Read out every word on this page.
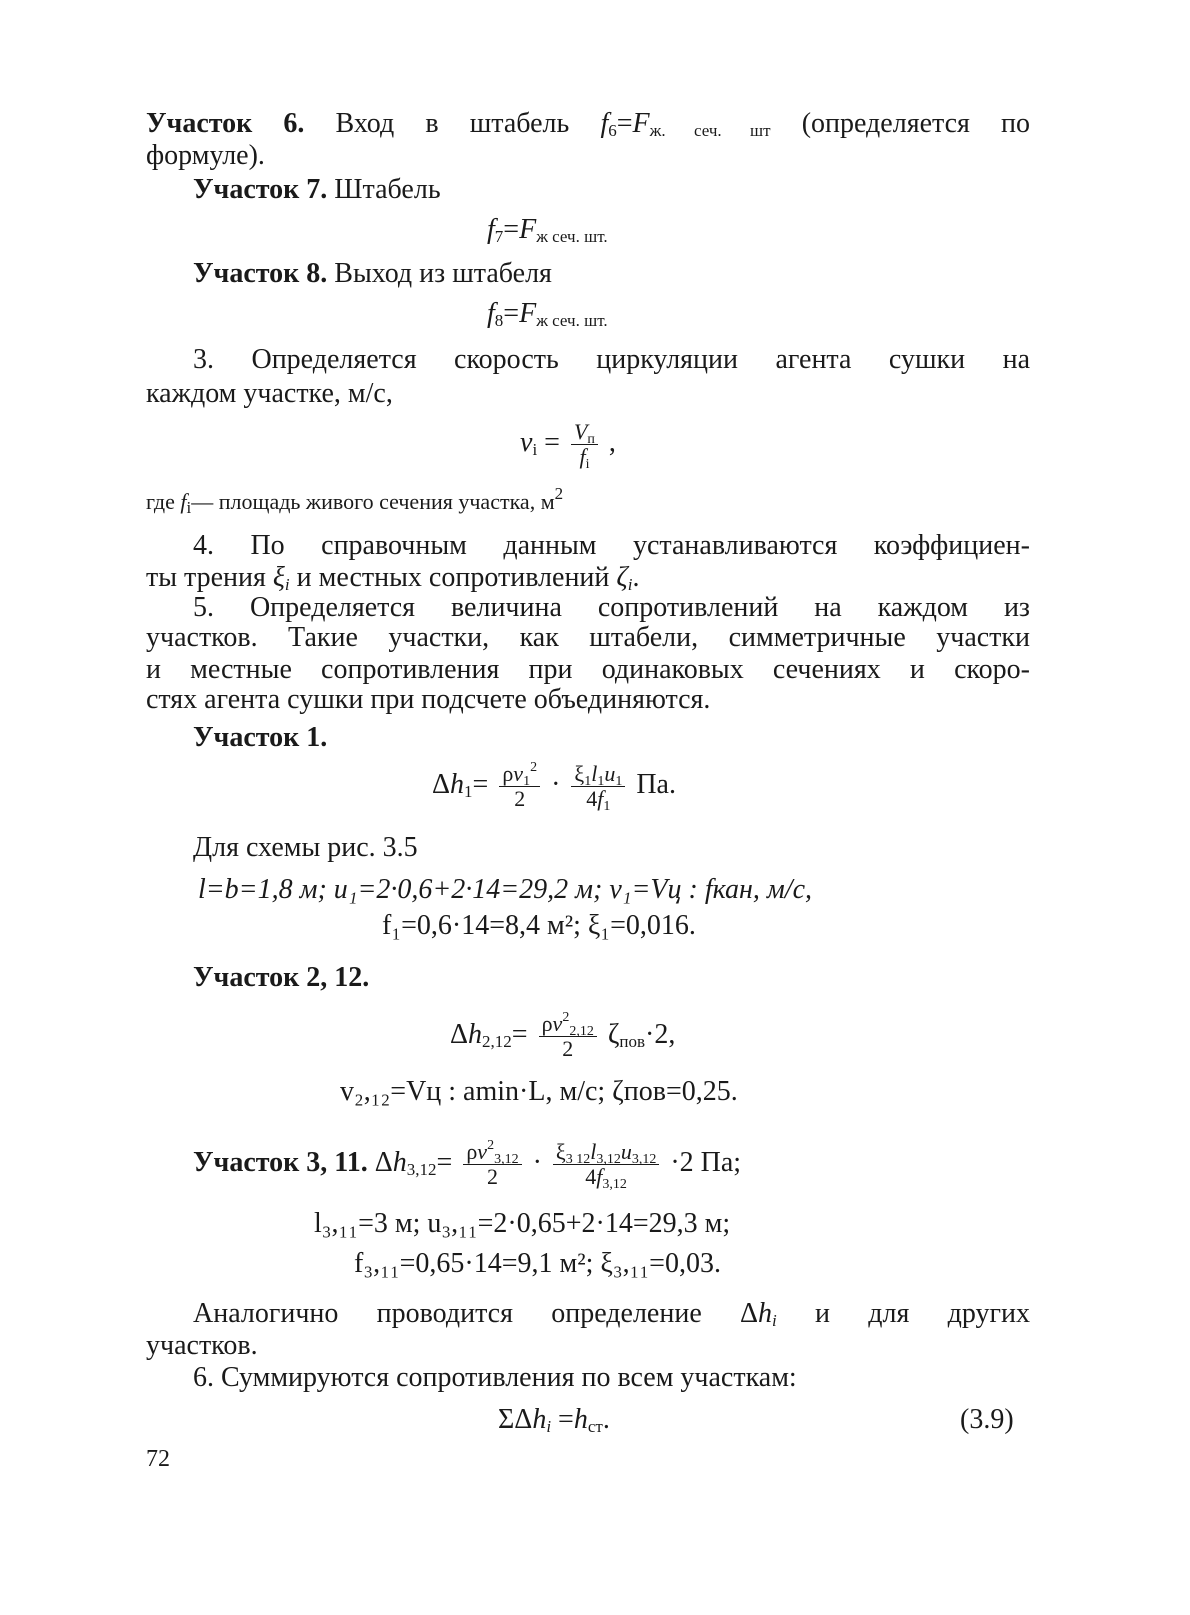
Участок 6. Вход в штабель $f_6=F_{ж. сеч. шт}$ (определяется по
формуле).
Участок 7. Штабель
$f_7=F_{ж сеч. шт.}$
Участок 8. Выход из штабеля
$f_8=F_{ж сеч. шт.}$
3. Определяется скорость циркуляции агента сушки на
каждом участке, м/с,
$v_i = \frac{V_п}{f_i}$ ,
где $f_i—$ площадь живого сечения участка, $м^2$
4. По справочным данным устанавливаются коэффициен-
ты трения $\xi_i$ и местных сопротивлений $\zeta_i$.
5. Определяется величина сопротивлений на каждом из
участков. Такие участки, как штабели, симметричные участки
и местные сопротивления при одинаковых сечениях и скоро-
стях агента сушки при подсчете объединяются.
Участок 1.
$\Delta h_1= \frac{\rho v_1^2}{2} \cdot \frac{\xi_1l_1u_1}{4f_1}$ Па.
Для схемы рис. 3.5
l=b=1,8 м; u₁=2·0,6+2·14=29,2 м; v₁=Vц : fкан, м/с,
f₁=0,6·14=8,4 м²; ξ₁=0,016.
Участок 2, 12.
$\Delta h_{2,12}= \frac{\rho v^2_{2,12}}{2} \zeta_{пов}\cdot 2$,
v₂,₁₂=Vц : amin·L, м/с; ζпов=0,25.
Участок 3, 11. $\Delta h_{3,12}= \frac{\rho v^2_{3,12}}{2} \cdot \frac{\xi_{3 12}l_{3,12}u_{3,12}}{4f_{3,12}} \cdot 2$ Па;
l₃,₁₁=3 м; u₃,₁₁=2·0,65+2·14=29,3 м;
f₃,₁₁=0,65·14=9,1 м²; ξ₃,₁₁=0,03.
Аналогично проводится определение $\Delta h_i$ и для других
участков.
6. Суммируются сопротивления по всем участкам:
$\Sigma\Delta h_i =h_{ст}$.	(3.9)
72
